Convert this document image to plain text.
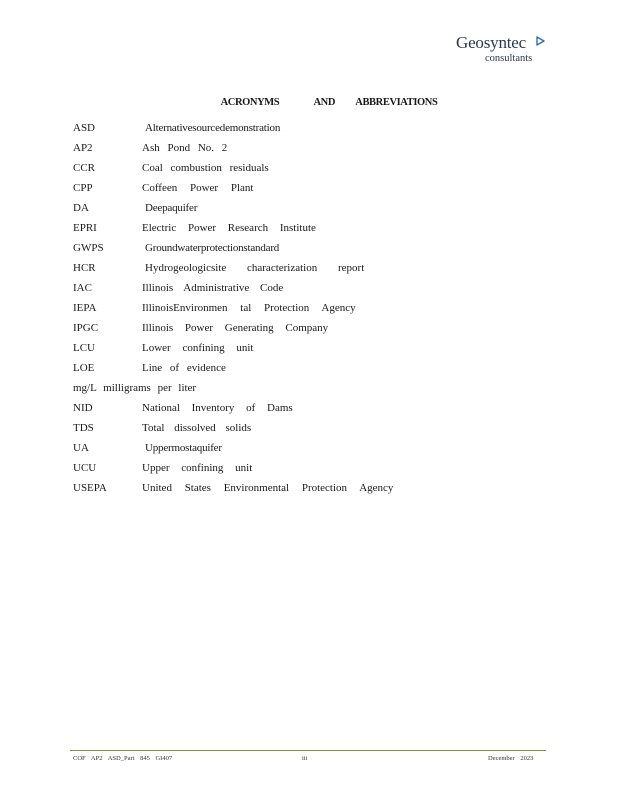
Geosyntec
consultants
ACRONYMS	AND ABBREVIATIONS
ASD	Alternativesourcedemonstration
AP2	Ash Pond No. 2
CCR	Coal combustion residuals
CPP	Coffeen Power Plant
DA	Deepaquifer
EPRI	Electric Power Research Institute
GWPS	Groundwaterprotectionstandard
HCR	Hydrogeologicsite characterization report
IAC	Illinois Administrative Code
IEPA	IllinoisEnvironmen tal Protection Agency
IPGC	Illinois Power Generating Company
LCU	Lower confining unit
LOE	Line of evidence
mg/L milligrams per liter
NID	National Inventory of Dams
TDS	Total dissolved solids
UA	Uppermostaquifer
UCU	Upper confining unit
USEPA	United States Environmental Protection Agency
COF AP2 ASD_Part 845 GI407	iii	December 2023
